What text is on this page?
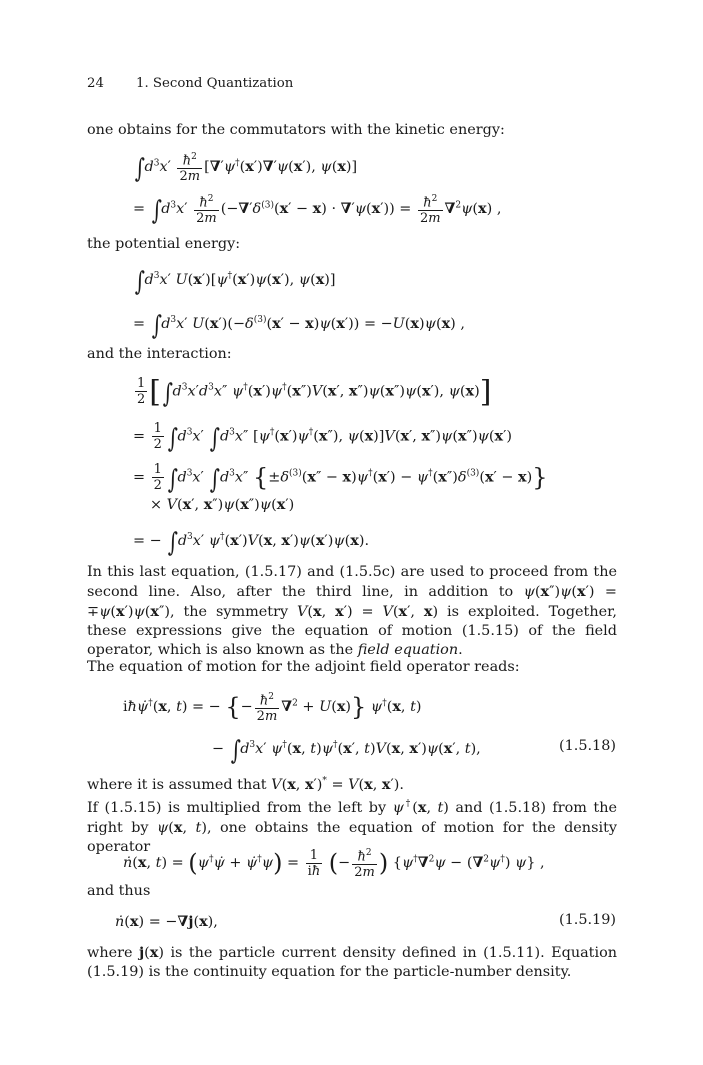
24 1. Second Quantization
one obtains for the commutators with the kinetic energy:
$\int d^3x' \frac{ħ^2}{2m} [\nabla'\psi^\dagger(x')\nabla'\psi(x')$, ψ(x)]
= $\int d^3x' \frac{ħ^2}{2m} (-\nabla'\delta^{(3)}(x' - x) \cdot \nabla'\psi(x')) = \frac{ħ^2}{2m} \nabla^2\psi(x)$ ,
the potential energy:
$\int d^3x'$ U(x′)[ψ†(x′)ψ(x′), ψ(x)]
= $\int d^3x'$ $U(x')(-\delta^{(3)}(x' - x)\psi(x')) = -U(x)\psi(x)$ ,
and the interaction:
$\frac{1}{2} [\int d^3x'd^3x''$ ψ†(x′)ψ†(x″)V(x′, x″)ψ(x″)ψ(x′), ψ(x)]
= $\frac{1}{2} \int d^3x'$ $\int d^3x''$ [ψ†(x′)ψ†(x″), ψ(x)]V(x′, x″)ψ(x″)ψ(x′)
= $\frac{1}{2} \int d^3x'$ $\int d^3x''$ $\{\pm\delta^{(3)}(x'' - x)\psi^\dagger(x') - \psi^\dagger(x'')\delta^{(3)}(x' - x)\}$
× V(x′, x″)ψ(x″)ψ(x′)
= − $\int d^3x'$ ψ†(x′)V(x, x′)ψ(x′)ψ(x).
In this last equation, (1.5.17) and (1.5.5c) are used to proceed from the second line. Also, after the third line, in addition to ψ(x″)ψ(x′) = ∓ψ(x′)ψ(x″), the symmetry V(x, x′) = V(x′, x) is exploited. Together, these expressions give the equation of motion (1.5.15) of the field operator, which is also known as the field equation.
The equation of motion for the adjoint field operator reads:
iħψ̇†(x, t) = − {− $\frac{ħ^2}{2m} \nabla^2 + U(x)$} ψ†(x, t)
− $\int d^3x'$ ψ†(x, t)ψ†(x′, t)V(x, x′)ψ(x′, t),	(1.5.18)
where it is assumed that V(x, x′)* = V(x, x′).
If (1.5.15) is multiplied from the left by ψ†(x, t) and (1.5.18) from the right by ψ(x, t), one obtains the equation of motion for the density operator
ṅ(x, t) = (ψ†ψ̇ + ψ̇†ψ) = $\frac{1}{iħ}$ (− $\frac{ħ^2}{2m}$ ) {ψ†∇$^2$ψ − (∇$^2$ψ†) ψ} ,
and thus
ṅ(x) = −∇j(x),	(1.5.19)
where j(x) is the particle current density defined in (1.5.11). Equation (1.5.19) is the continuity equation for the particle-number density.
